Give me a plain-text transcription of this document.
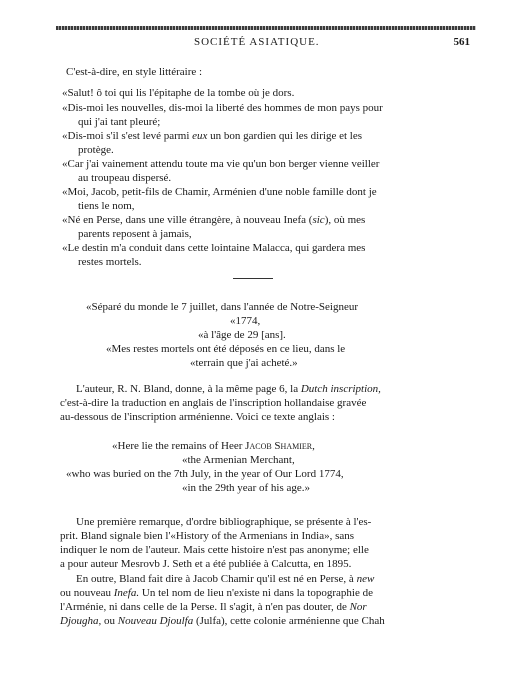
SOCIÉTÉ ASIATIQUE.	561
C'est-à-dire, en style littéraire :
«Salut! ô toi qui lis l'épitaphe de la tombe où je dors.
«Dis-moi les nouvelles, dis-moi la liberté des hommes de mon pays pour
qui j'ai tant pleuré;
«Dis-moi s'il s'est levé parmi eux un bon gardien qui les dirige et les
protège.
«Car j'ai vainement attendu toute ma vie qu'un bon berger vienne veiller
au troupeau dispersé.
«Moi, Jacob, petit-fils de Chamir, Arménien d'une noble famille dont je
tiens le nom,
«Né en Perse, dans une ville étrangère, à nouveau Inefa (sic), où mes
parents reposent à jamais,
«Le destin m'a conduit dans cette lointaine Malacca, qui gardera mes
restes mortels.
«Séparé du monde le 7 juillet, dans l'année de Notre-Seigneur
«1774,
«à l'âge de 29 [ans].
«Mes restes mortels ont été déposés en ce lieu, dans le
«terrain que j'ai acheté.»
L'auteur, R. N. Bland, donne, à la même page 6, la Dutch inscription,
c'est-à-dire la traduction en anglais de l'inscription hollandaise gravée
au-dessous de l'inscription arménienne. Voici ce texte anglais :
«Here lie the remains of Heer Jacob Shamier,
«the Armenian Merchant,
«who was buried on the 7th July, in the year of Our Lord 1774,
«in the 29th year of his age.»
Une première remarque, d'ordre bibliographique, se présente à l'es-
prit. Bland signale bien l'«History of the Armenians in India», sans
indiquer le nom de l'auteur. Mais cette histoire n'est pas anonyme; elle
a pour auteur Mesrovb J. Seth et a été publiée à Calcutta, en 1895.
En outre, Bland fait dire à Jacob Chamir qu'il est né en Perse, à new
ou nouveau Inefa. Un tel nom de lieu n'existe ni dans la topographie de
l'Arménie, ni dans celle de la Perse. Il s'agit, à n'en pas douter, de Nor
Djougha, ou Nouveau Djoulfa (Julfa), cette colonie arménienne que Chah
